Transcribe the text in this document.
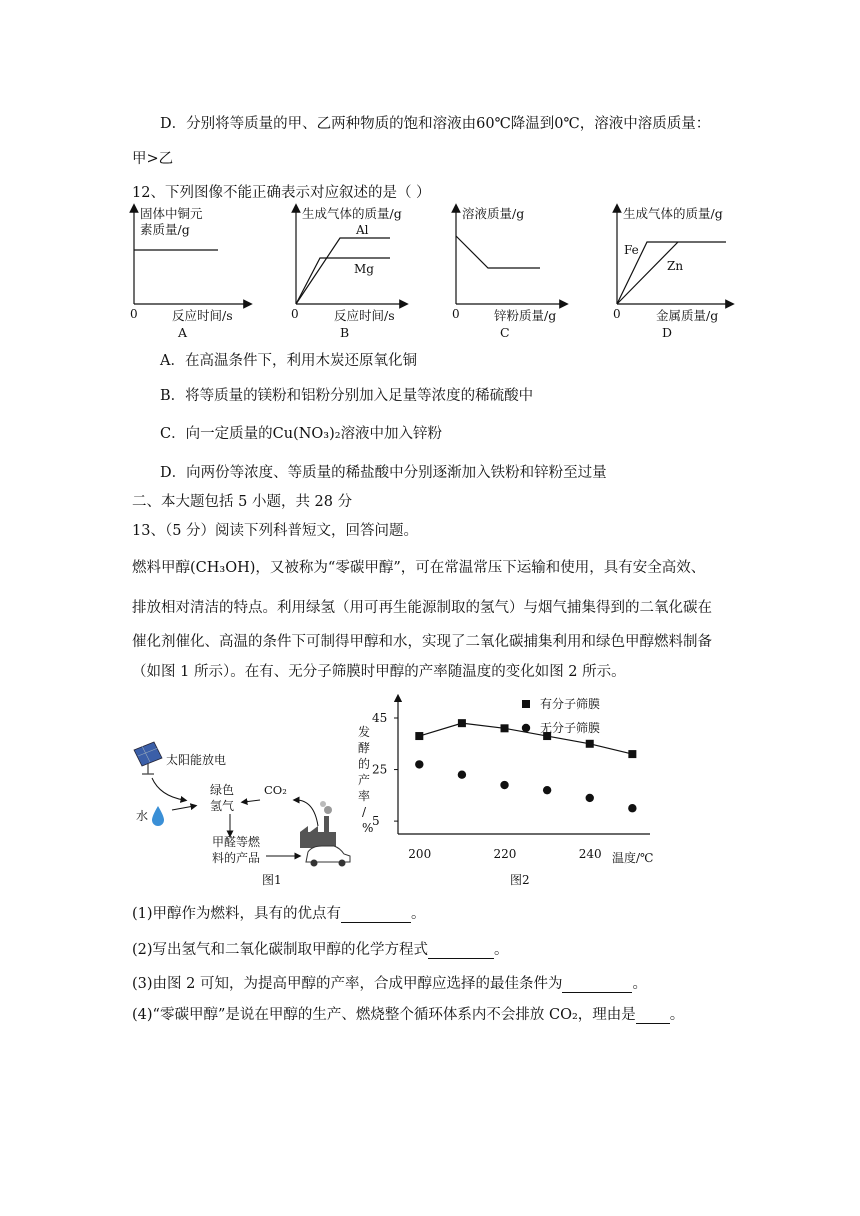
D．分别将等质量的甲、乙两种物质的饱和溶液由60℃降温到0℃，溶液中溶质质量：
甲>乙
12、下列图像不能正确表示对应叙述的是（ ）
固体中铜元
素质量/g
0	反应时间/s
A
生成气体的质量/g
Al
Mg
0	反应时间/s
B
溶液质量/g
0	锌粉质量/g
C
生成气体的质量/g
Fe
Zn
0	金属质量/g
D
A．在高温条件下，利用木炭还原氧化铜
B．将等质量的镁粉和铝粉分别加入足量等浓度的稀硫酸中
C．向一定质量的Cu(NO₃)₂溶液中加入锌粉
D．向两份等浓度、等质量的稀盐酸中分别逐渐加入铁粉和锌粉至过量
二、本大题包括 5 小题，共 28 分
13、（5 分）阅读下列科普短文，回答问题。
燃料甲醇(CH₃OH)，又被称为“零碳甲醇”，可在常温常压下运输和使用，具有安全高效、
排放相对清洁的特点。利用绿氢（用可再生能源制取的氢气）与烟气捕集得到的二氧化碳在
催化剂催化、高温的条件下可制得甲醇和水，实现了二氧化碳捕集利用和绿色甲醇燃料制备
（如图 1 所示）。在有、无分子筛膜时甲醇的产率随温度的变化如图 2 所示。
太阳能放电
水
绿色
氢气
CO₂
甲醛等燃
料的产品
图1
发酵的产率/ %
5
25
45
200	220	240
有分子筛膜
无分子筛膜
温度/℃
图2
(1)甲醇作为燃料，具有的优点有	。
(2)写出氢气和二氧化碳制取甲醇的化学方程式	。
(3)由图 2 可知，为提高甲醇的产率，合成甲醇应选择的最佳条件为	。
(4)“零碳甲醇”是说在甲醇的生产、燃烧整个循环体系内不会排放 CO₂，理由是 。
